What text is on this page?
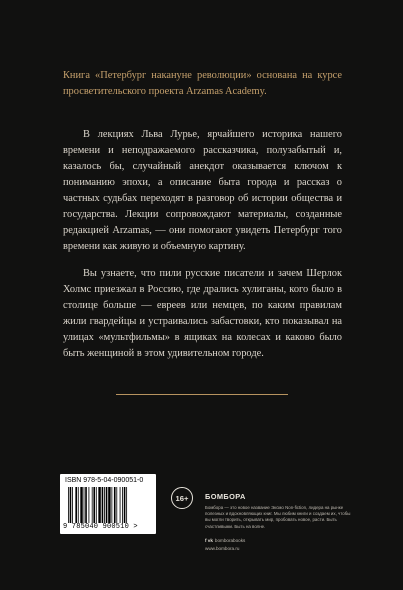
Книга «Петербург накануне революции» основана на курсе просветительского проекта Arzamas Academy.

В лекциях Льва Лурье, ярчайшего историка нашего времени и неподражаемого рассказчика, полузабытый и, казалось бы, случайный анекдот оказывается ключом к пониманию эпохи, а описание быта города и рассказ о частных судьбах переходят в разговор об истории общества и государства. Лекции сопровождают материалы, созданные редакцией Arzamas, — они помогают увидеть Петербург того времени как живую и объемную картину.

Вы узнаете, что пили русские писатели и зачем Шерлок Холмс приезжал в Россию, где дрались хулиганы, кого было в столице больше — евреев или немцев, по каким правилам жили гвардейцы и устраивались забастовки, кто показывал на улицах «мультфильмы» в ящиках на колесах и каково было быть женщиной в этом удивительном городе.

ISBN 978-5-04-090051-0
9 785040 900510 >
16+	БОМБОРА

Бомбора — это новое название Эксмо Non-fiction, лидера на рынке полезных и вдохновляющих книг. Мы любим книги и создаем их, чтобы вы могли творить, открывать мир, пробовать новое, расти. Быть счастливыми. Быть на волне.

f vk bomborabooks
www.bombora.ru
